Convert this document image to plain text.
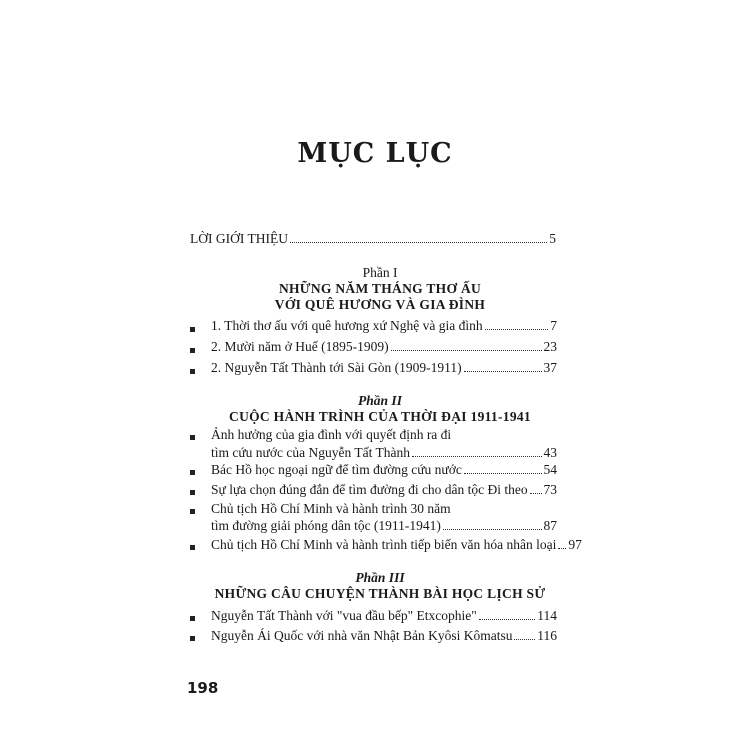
MỤC LỤC
LỜI GIỚI THIỆU	5
Phần I
NHỮNG NĂM THÁNG THƠ ẤU
VỚI QUÊ HƯƠNG VÀ GIA ĐÌNH
1. Thời thơ ấu với quê hương xứ Nghệ và gia đình	7
2. Mười năm ở Huế (1895-1909)	23
2. Nguyễn Tất Thành tới Sài Gòn (1909-1911)	37
Phần II
CUỘC HÀNH TRÌNH CỦA THỜI ĐẠI 1911-1941
Ảnh hưởng của gia đình với quyết định ra đi
tìm cứu nước của Nguyễn Tất Thành	43
Bác Hồ học ngoại ngữ để tìm đường cứu nước	54
Sự lựa chọn đúng đắn để tìm đường đi cho dân tộc Đi theo 73
Chủ tịch Hồ Chí Minh và hành trình 30 năm
tìm đường giải phóng dân tộc (1911-1941)	87
Chủ tịch Hồ Chí Minh và hành trình tiếp biến văn hóa nhân loại 97
Phần III
NHỮNG CÂU CHUYỆN THÀNH BÀI HỌC LỊCH SỬ
Nguyễn Tất Thành với "vua đầu bếp" Etxcophie"	114
Nguyễn Ái Quốc với nhà văn Nhật Bản Kyôsi Kômatsu 116
198
